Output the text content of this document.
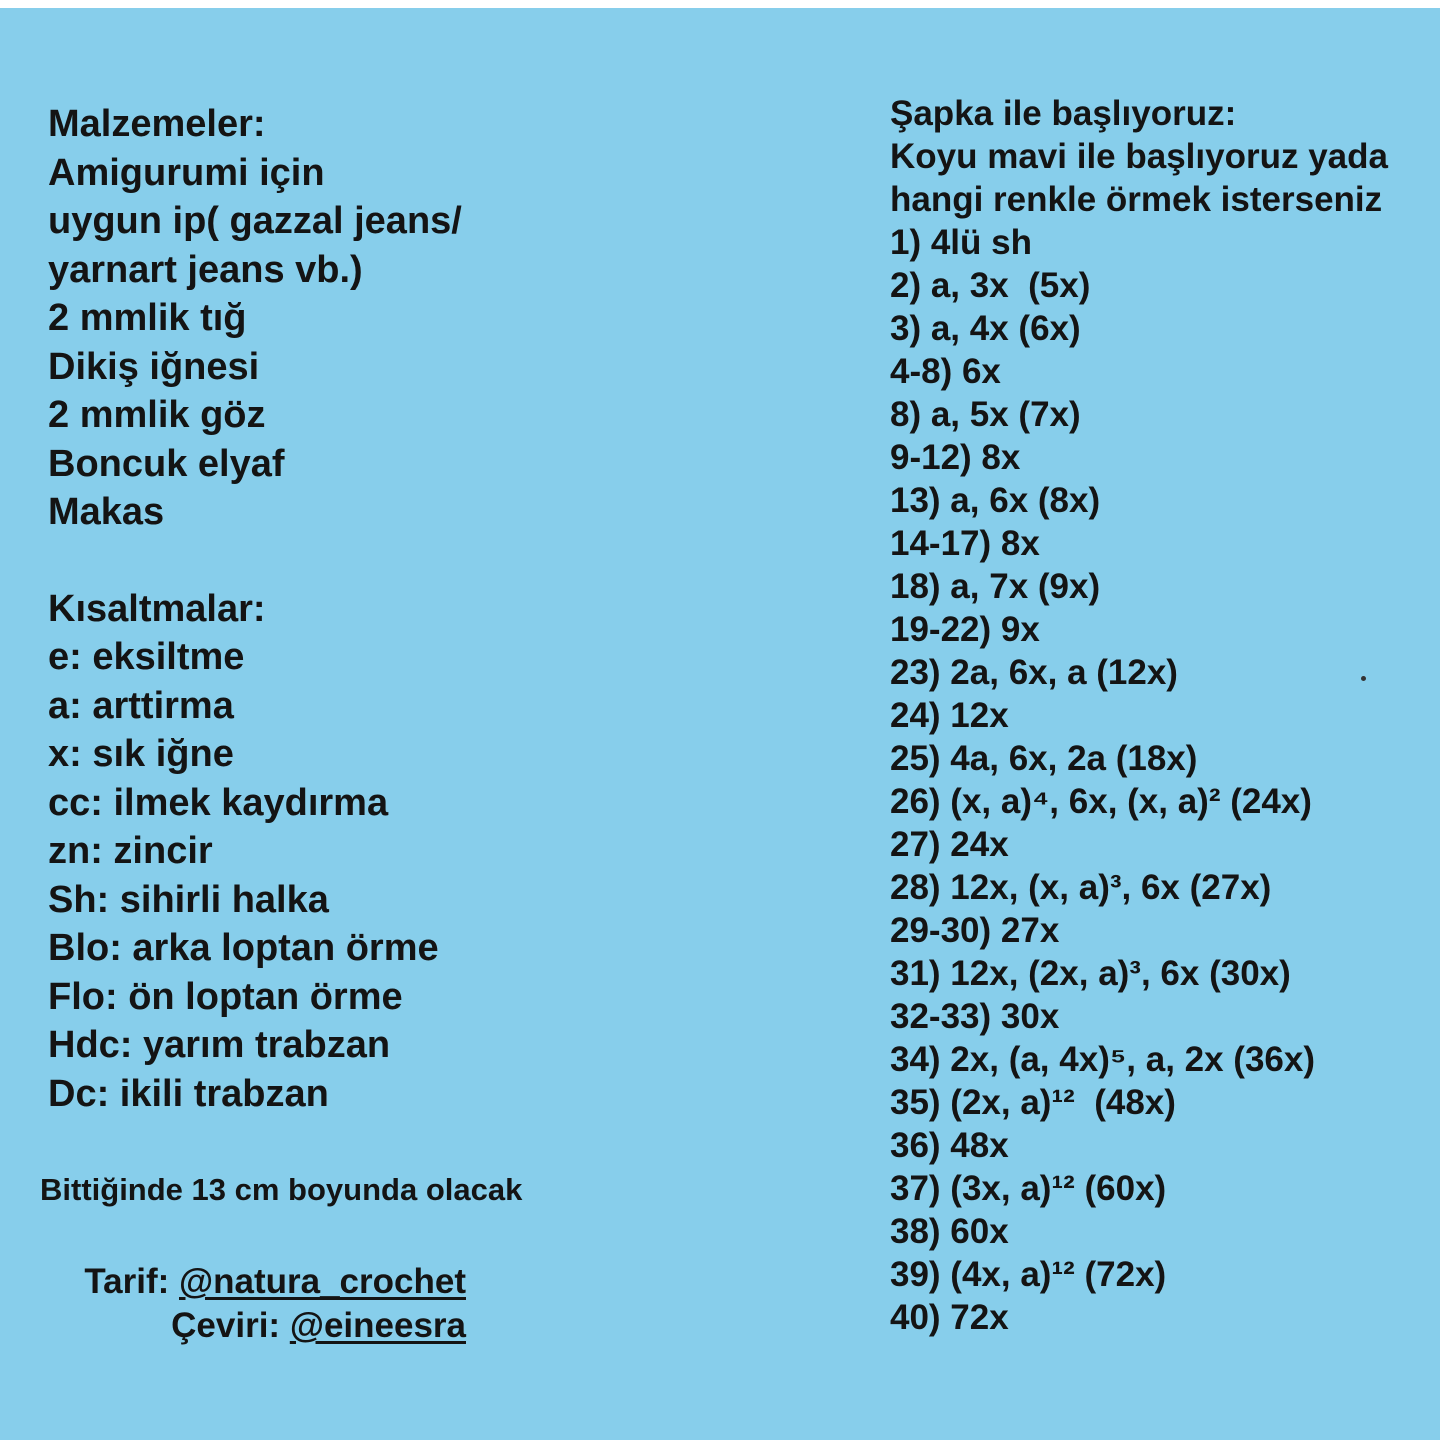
Malzemeler:
Amigurumi için
uygun ip( gazzal jeans/
yarnart jeans vb.)
2 mmlik tığ
Dikiş iğnesi
2 mmlik göz
Boncuk elyaf
Makas
Kısaltmalar:
e: eksiltme
a: arttirma
x: sık iğne
cc: ilmek kaydırma
zn: zincir
Sh: sihirli halka
Blo: arka loptan örme
Flo: ön loptan örme
Hdc: yarım trabzan
Dc: ikili trabzan
Bittiğinde 13 cm boyunda olacak
Tarif: @natura_crochet
Çeviri: @eineesra
Şapka ile başlıyoruz:
Koyu mavi ile başlıyoruz yada
hangi renkle örmek isterseniz
1) 4lü sh
2) a, 3x  (5x)
3) a, 4x (6x)
4-8) 6x
8) a, 5x (7x)
9-12) 8x
13) a, 6x (8x)
14-17) 8x
18) a, 7x (9x)
19-22) 9x
23) 2a, 6x, a (12x)
24) 12x
25) 4a, 6x, 2a (18x)
26) (x, a)⁴, 6x, (x, a)² (24x)
27) 24x
28) 12x, (x, a)³, 6x (27x)
29-30) 27x
31) 12x, (2x, a)³, 6x (30x)
32-33) 30x
34) 2x, (a, 4x)⁵, a, 2x (36x)
35) (2x, a)¹²  (48x)
36) 48x
37) (3x, a)¹² (60x)
38) 60x
39) (4x, a)¹² (72x)
40) 72x
